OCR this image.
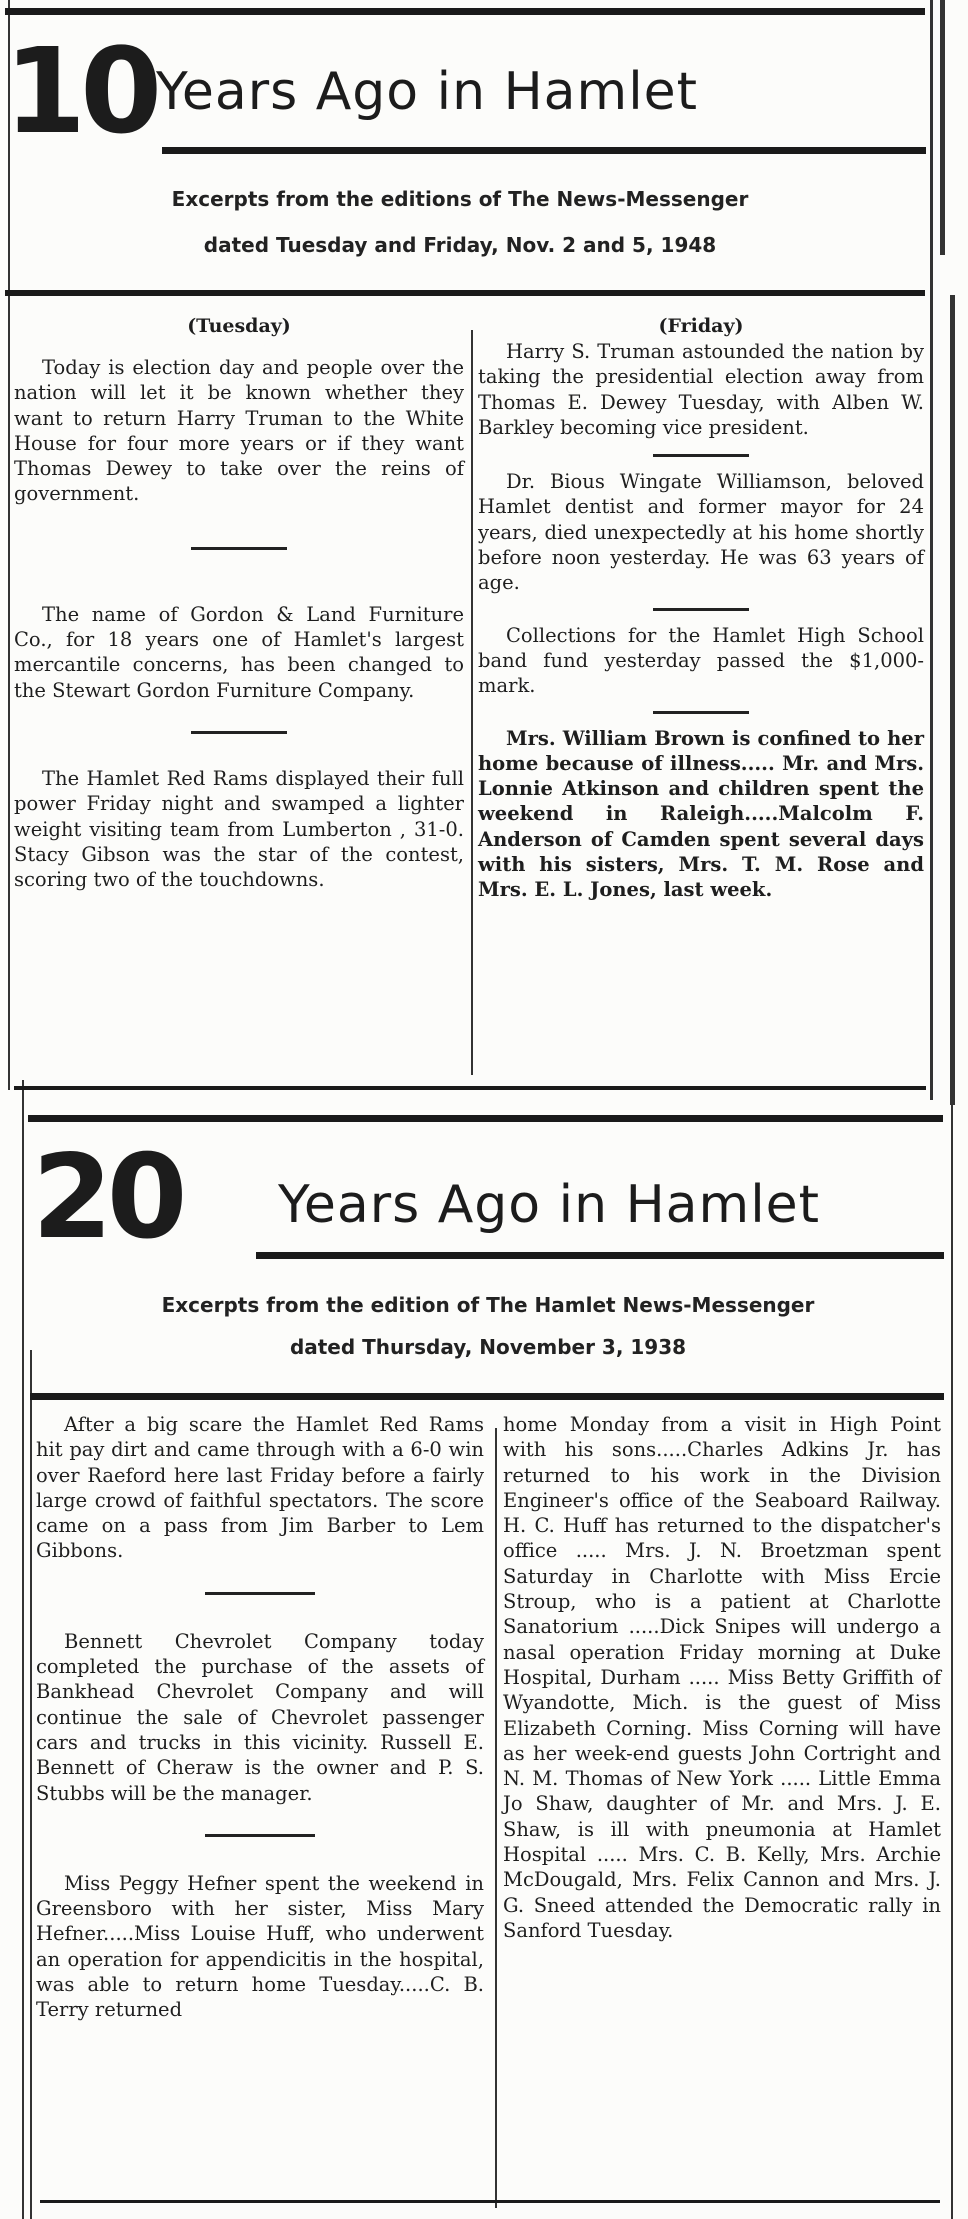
10 Years Ago in Hamlet
Excerpts from the editions of The News-Messenger
dated Tuesday and Friday, Nov. 2 and 5, 1948
(Tuesday)

Today is election day and people over the nation will let it be known whether they want to return Harry Truman to the White House for four more years or if they want Thomas Dewey to take over the reins of government.

The name of Gordon & Land Furniture Co., for 18 years one of Hamlet's largest mercantile concerns, has been changed to the Stewart Gordon Furniture Company.

The Hamlet Red Rams displayed their full power Friday night and swamped a lighter weight visiting team from Lumberton , 31-0. Stacy Gibson was the star of the contest, scoring two of the touchdowns.

(Friday)

Harry S. Truman astounded the nation by taking the presidential election away from Thomas E. Dewey Tuesday, with Alben W. Barkley becoming vice president.

Dr. Bious Wingate Williamson, beloved Hamlet dentist and former mayor for 24 years, died unexpectedly at his home shortly before noon yesterday. He was 63 years of age.

Collections for the Hamlet High School band fund yesterday passed the $1,000-mark.

Mrs. William Brown is confined to her home because of illness..... Mr. and Mrs. Lonnie Atkinson and children spent the weekend in Raleigh.....Malcolm F. Anderson of Camden spent several days with his sisters, Mrs. T. M. Rose and Mrs. E. L. Jones, last week.

20 Years Ago in Hamlet
Excerpts from the edition of The Hamlet News-Messenger
dated Thursday, November 3, 1938

After a big scare the Hamlet Red Rams hit pay dirt and came through with a 6-0 win over Raeford here last Friday before a fairly large crowd of faithful spectators. The score came on a pass from Jim Barber to Lem Gibbons.

Bennett Chevrolet Company today completed the purchase of the assets of Bankhead Chevrolet Company and will continue the sale of Chevrolet passenger cars and trucks in this vicinity. Russell E. Bennett of Cheraw is the owner and P. S. Stubbs will be the manager.

Miss Peggy Hefner spent the weekend in Greensboro with her sister, Miss Mary Hefner.....Miss Louise Huff, who underwent an operation for appendicitis in the hospital, was able to return home Tuesday.....C. B. Terry returned

home Monday from a visit in High Point with his sons.....Charles Adkins Jr. has returned to his work in the Division Engineer's office of the Seaboard Railway. H. C. Huff has returned to the dispatcher's office ..... Mrs. J. N. Broetzman spent Saturday in Charlotte with Miss Ercie Stroup, who is a patient at Charlotte Sanatorium .....Dick Snipes will undergo a nasal operation Friday morning at Duke Hospital, Durham ..... Miss Betty Griffith of Wyandotte, Mich. is the guest of Miss Elizabeth Corning. Miss Corning will have as her week-end guests John Cortright and N. M. Thomas of New York ..... Little Emma Jo Shaw, daughter of Mr. and Mrs. J. E. Shaw, is ill with pneumonia at Hamlet Hospital ..... Mrs. C. B. Kelly, Mrs. Archie McDougald, Mrs. Felix Cannon and Mrs. J. G. Sneed attended the Democratic rally in Sanford Tuesday.
